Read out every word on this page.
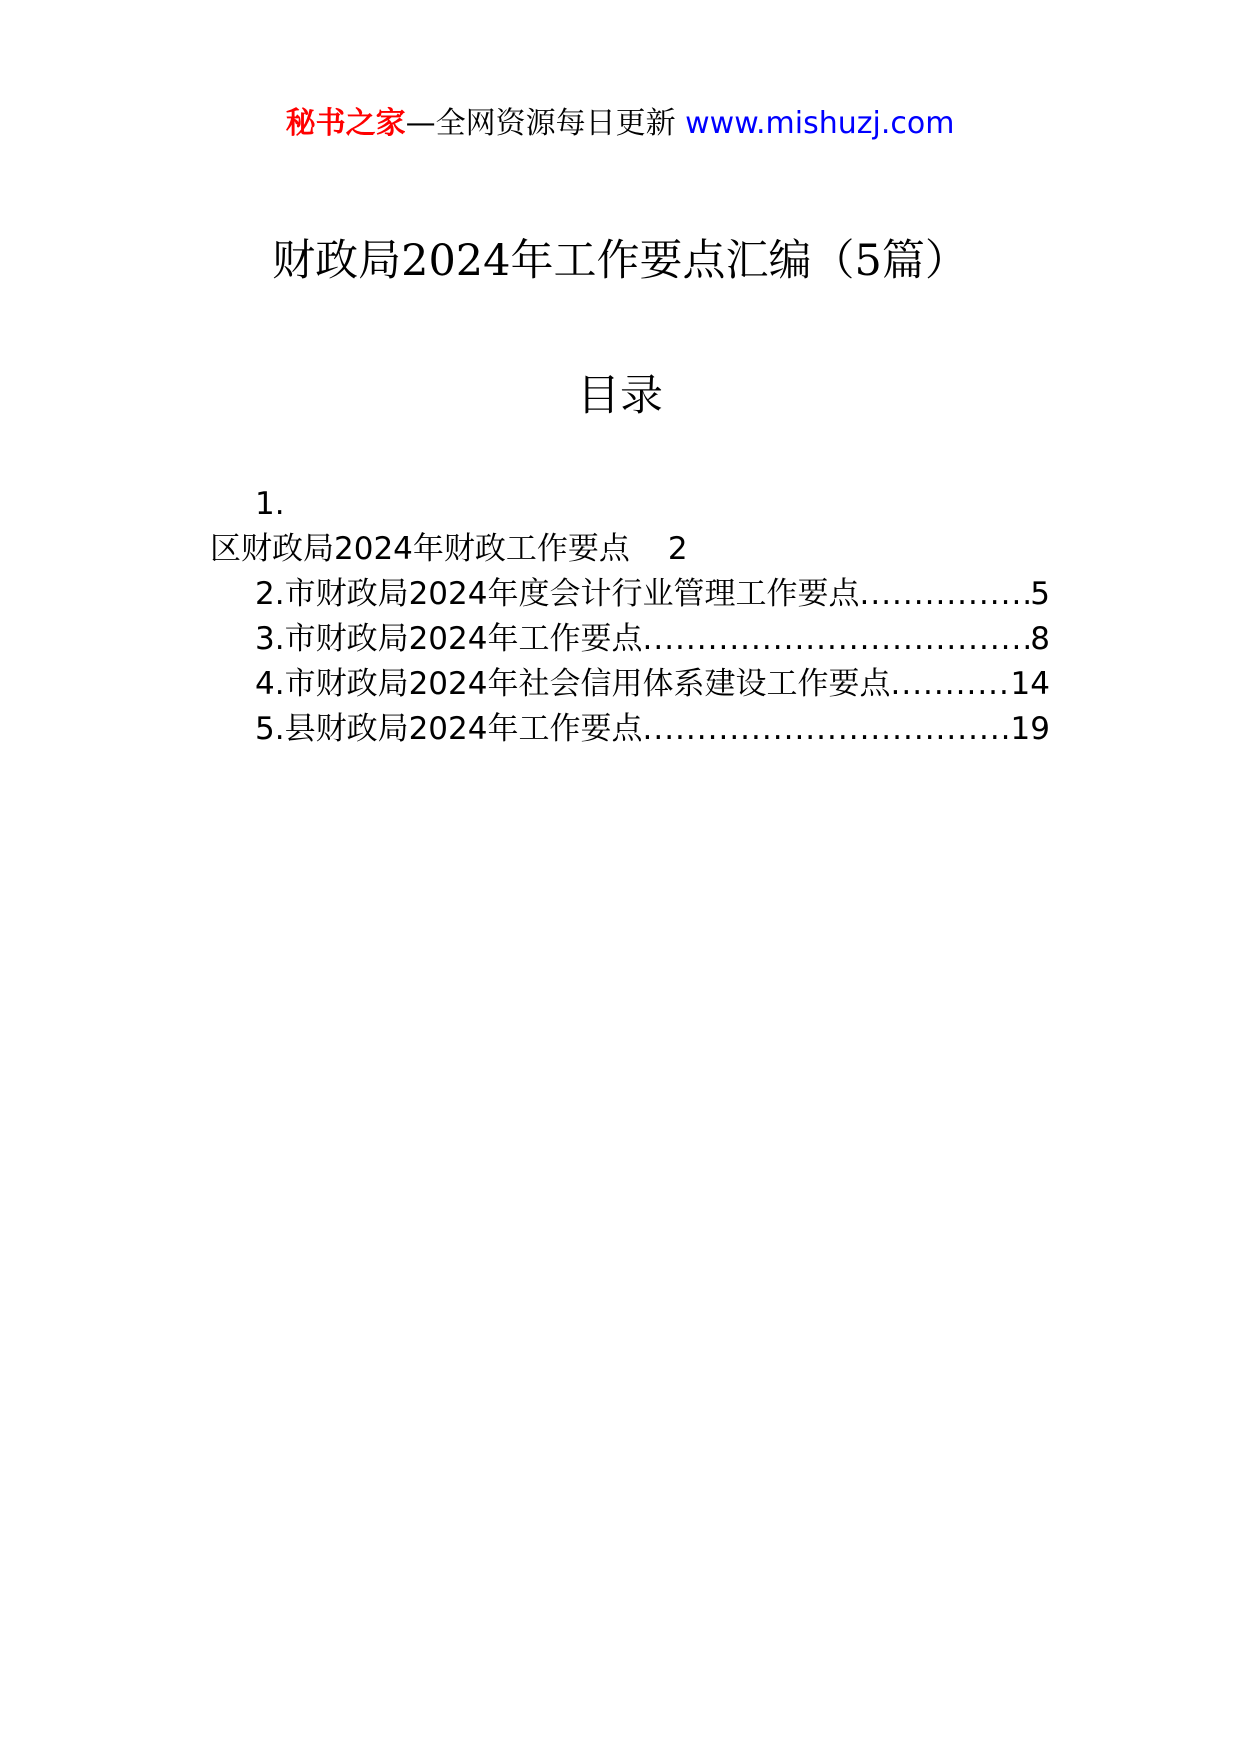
秘书之家—全网资源每日更新 www.mishuzj.com
财政局2024年工作要点汇编（5篇）
目录
1.
区财政局2024年财政工作要点 2
2. 市财政局2024年度会计行业管理工作要点 .....	5
3. 市财政局2024年工作要点 .....	8
4. 市财政局2024年社会信用体系建设工作要点 .....	14
5. 县财政局2024年工作要点 .....	19
